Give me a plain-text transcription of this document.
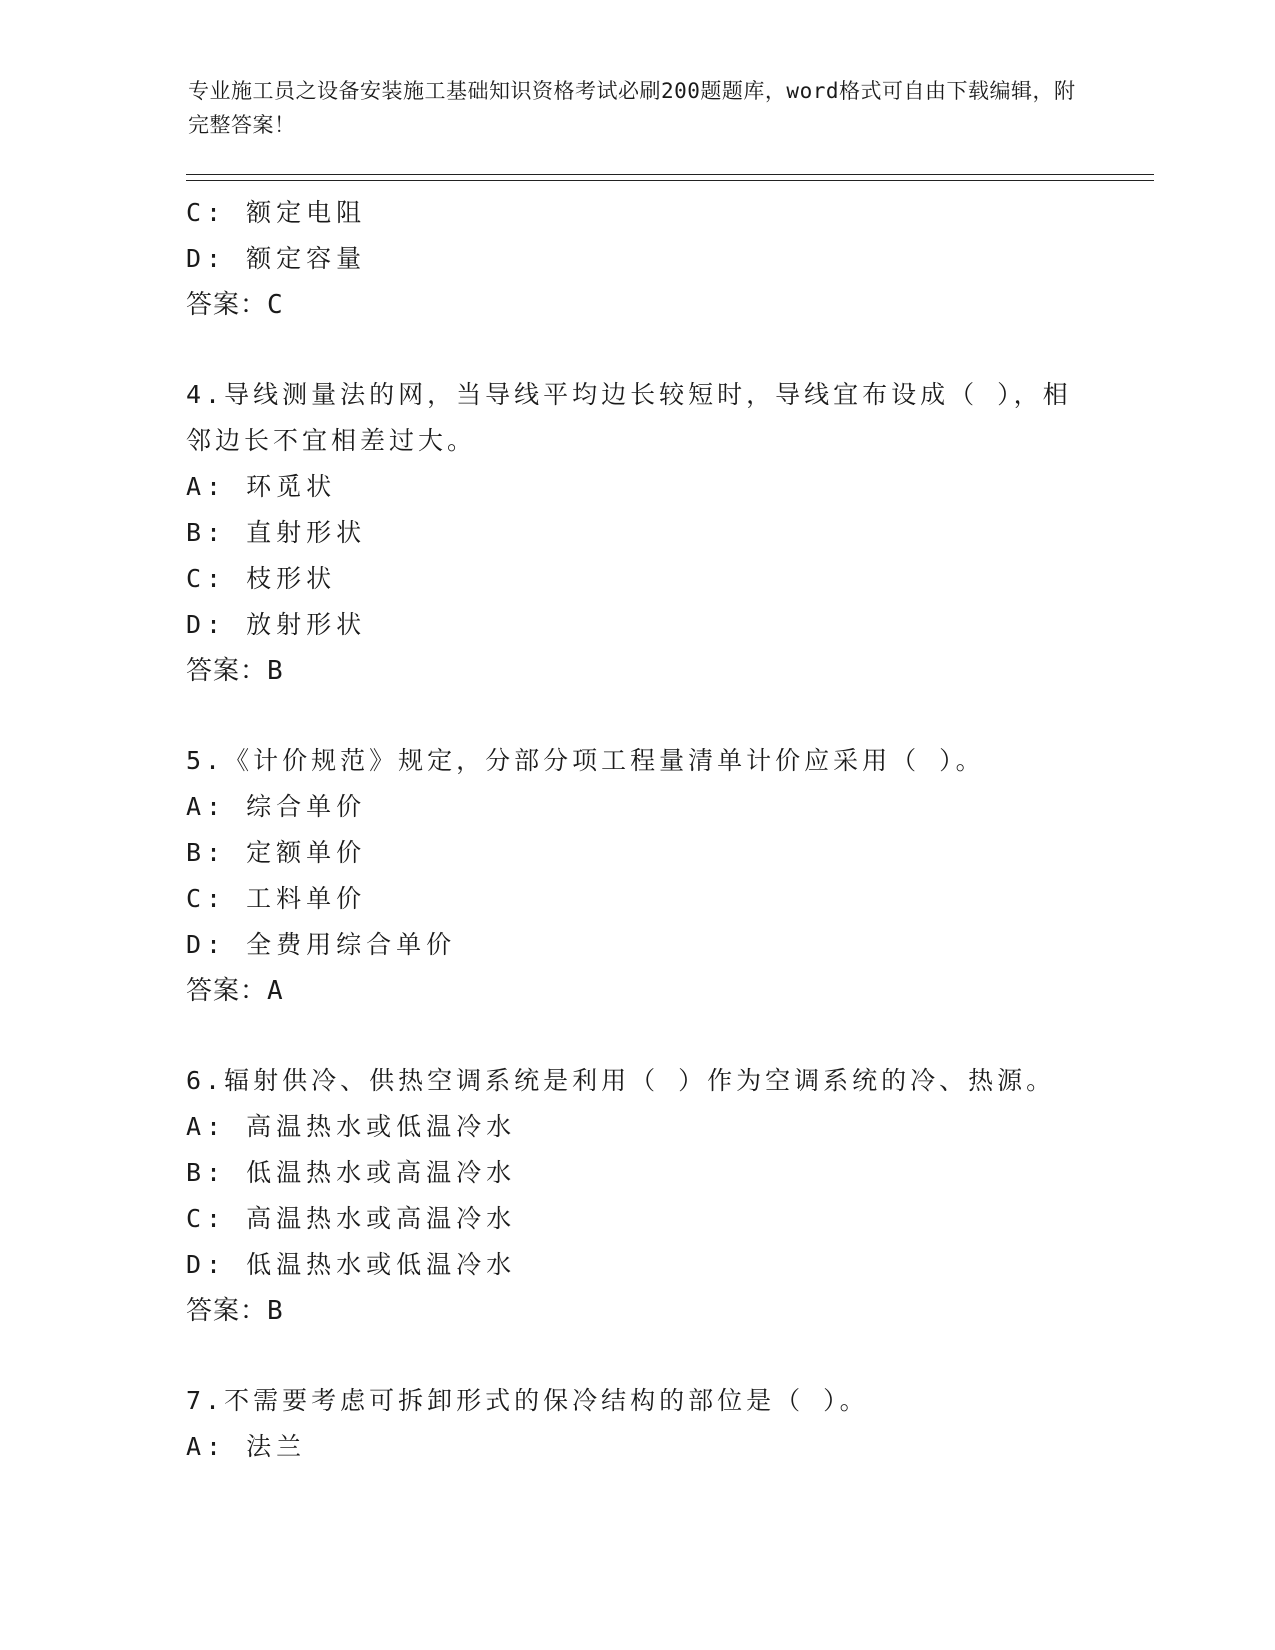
专业施工员之设备安装施工基础知识资格考试必刷200题题库，word格式可自由下载编辑，附完整答案！
C: 额定电阻
D: 额定容量
答案：C
4.导线测量法的网，当导线平均边长较短时，导线宜布设成（ ），相邻边长不宜相差过大。
A: 环觅状
B: 直射形状
C: 枝形状
D: 放射形状
答案：B
5.《计价规范》规定，分部分项工程量清单计价应采用（ ）。
A: 综合单价
B: 定额单价
C: 工料单价
D: 全费用综合单价
答案：A
6.辐射供冷、供热空调系统是利用（ ）作为空调系统的冷、热源。
A: 高温热水或低温冷水
B: 低温热水或高温冷水
C: 高温热水或高温冷水
D: 低温热水或低温冷水
答案：B
7.不需要考虑可拆卸形式的保冷结构的部位是（ ）。
A: 法兰
